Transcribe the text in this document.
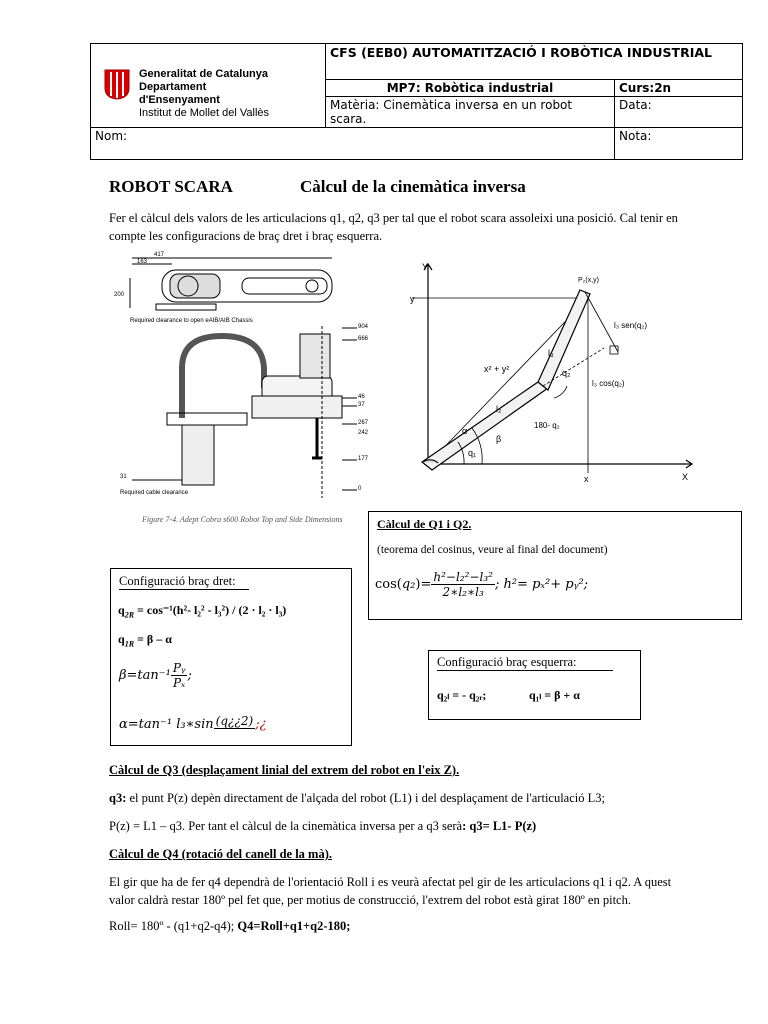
Generalitat de Catalunya
Departament
d'Ensenyament
Institut de Mollet del Vallès	CFS (EEB0) AUTOMATITZACIÓ I ROBÒTICA INDUSTRIAL	
	MP7: Robòtica industrial	Curs:2n
	Matèria: Cinemàtica inversa en un robot scara.	Data:
Nom:		Nota:
ROBOT SCARA	Càlcul de la cinemàtica inversa

Fer el càlcul dels valors de les articulacions q1, q2, q3 per tal que el robot scara assoleixi una posició. Cal tenir en compte les configuracions de braç dret i braç esquerra.

417
163
200
Required clearance to open eAIB/AIB Chassis
904
666
46
37
267
242
177
0
31
Required cable clearance
Figure 7-4. Adept Cobra s600 Robot Top and Side Dimensions
Y
X
y
x
P₂(x,y)
l₃ sen(q₂)
l₃ cos(q₂)
l₃
l₂
q₂
x² + y²
180- q₂
α
β
q₁
Càlcul de Q1 i Q2.
(teorema del cosinus, veure al final del document)
$\cos(q_2)= \frac{\text{h²−l₂²−l₃²}}{\text{2∗l₂∗l₃}}$ ; h²= pₓ²+ pᵧ²;
Configuració braç dret:
$q_{2R} = \cos^{-1}(h^2-$ l₂² - l₃²) / (2 · l₂ · l₃)
$q_{1R} = \beta - \alpha$
$\beta=\tan^{-1} \frac{\text{Pᵧ}}{\text{Pₓ}}$ ;
α=tan⁻¹ l₃∗sin (q¿¿2) ;¿
Configuració braç esquerra:
q₂ₗ = - q₂ᵣ;	q₁ₗ = β + α
Càlcul de Q3 (desplaçament linial del extrem del robot en l'eix Z).
q3: el punt P(z) depèn directament de l'alçada del robot (L1) i del desplaçament de l'articulació L3;
P(z) = L1 – q3. Per tant el càlcul de la cinemàtica inversa per a q3 serà: q3= L1- P(z)
Càlcul de Q4 (rotació del canell de la mà).

El gir que ha de fer q4 dependrà de l'orientació Roll i es veurà afectat pel gir de les articulacions q1 i q2. A quest valor caldrà restar 180º pel fet que, per motius de construcció, l'extrem del robot està girat 180º en pitch.

Roll= 180º - (q1+q2-q4); Q4=Roll+q1+q2-180;
